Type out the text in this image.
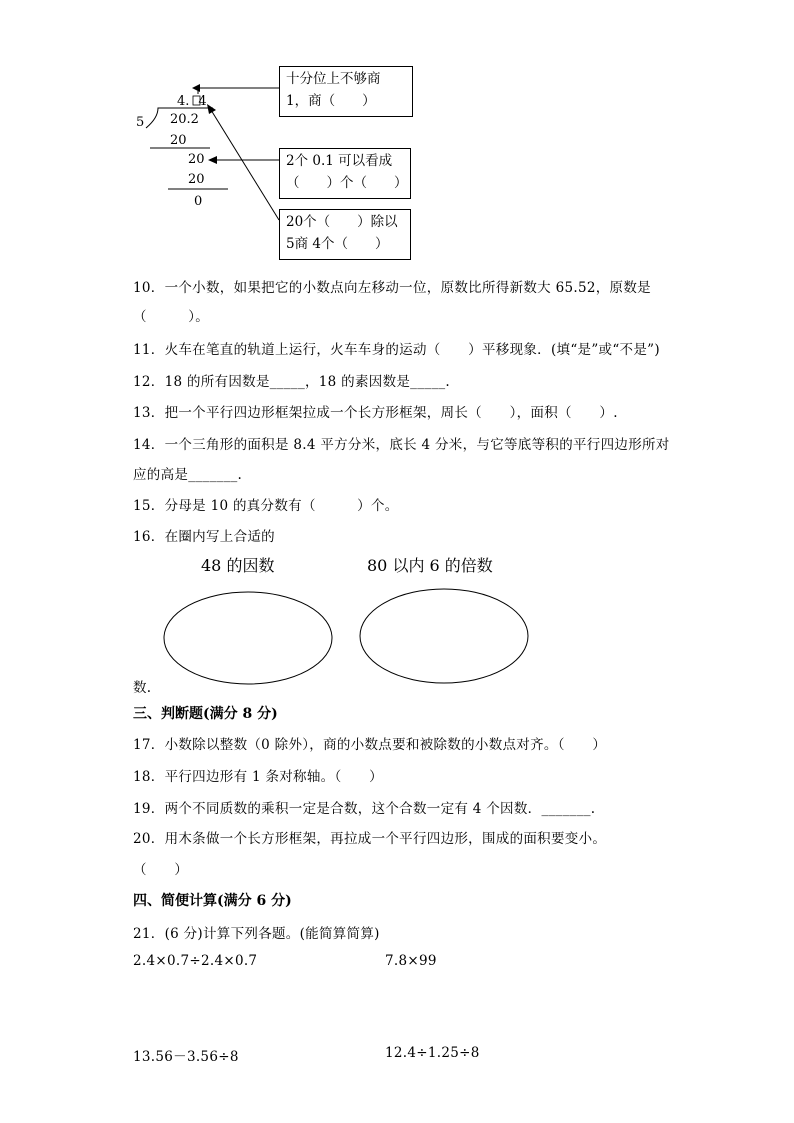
4. 4
5 20.2
20
20
20
0
十分位上不够商
1，商（　　）
2个 0.1 可以看成
（　　）个（　　）
20个（　　）除以
5商 4个（　　）
10．一个小数，如果把它的小数点向左移动一位，原数比所得新数大 65.52，原数是
（　　　）。
11．火车在笔直的轨道上运行，火车车身的运动（　　）平移现象．(填“是”或“不是”)
12．18 的所有因数是_____，18 的素因数是_____.
13．把一个平行四边形框架拉成一个长方形框架，周长（　　），面积（　　）.
14．一个三角形的面积是 8.4 平方分米，底长 4 分米，与它等底等积的平行四边形所对
应的高是_______.
15．分母是 10 的真分数有（　　　）个。
16．在圈内写上合适的
48 的因数	80 以内 6 的倍数
数.
三、判断题(满分 8 分)
17．小数除以整数（0 除外），商的小数点要和被除数的小数点对齐。（　　）
18．平行四边形有 1 条对称轴。（　　）
19．两个不同质数的乘积一定是合数，这个合数一定有 4 个因数．_______.
20．用木条做一个长方形框架，再拉成一个平行四边形，围成的面积要变小。
（　　）
四、简便计算(满分 6 分)
21．(6 分)计算下列各题。(能简算简算)
2.4×0.7÷2.4×0.7	7.8×99
13.56－3.56÷8	12.4÷1.25÷8
